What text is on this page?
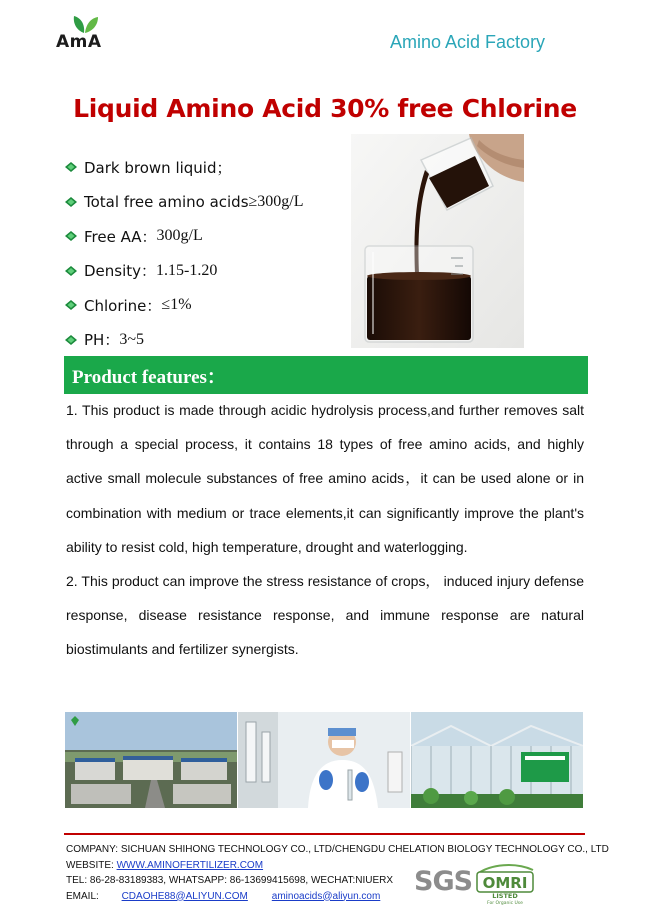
AmA	Amino Acid Factory
Liquid Amino Acid 30% free Chlorine
Dark brown liquid；
Total free amino acids ≥300g/L
Free AA： 300g/L
Density： 1.15-1.20
Chlorine： ≤1%
PH： 3~5
Product features：

1. This product is made through acidic hydrolysis process,and further removes salt through a special process, it contains 18 types of free amino acids, and highly active small molecule substances of free amino acids，it can be used alone or in combination with medium or trace elements,it can significantly improve the plant's ability to resist cold, high temperature, drought and waterlogging.

2. This product can improve the stress resistance of crops， induced injury defense response, disease resistance response, and immune response are natural biostimulants and fertilizer synergists.

COMPANY: SICHUAN SHIHONG TECHNOLOGY CO., LTD/CHENGDU CHELATION BIOLOGY TECHNOLOGY CO., LTD
WEBSITE: WWW.AMINOFERTILIZER.COM
TEL: 86-28-83189383, WHATSAPP: 86-13699415698, WECHAT:NIUERX
EMAIL: CDAOHE88@ALIYUN.COM aminoacids@aliyun.com	SGS OMRI
LISTED
For Organic Use
